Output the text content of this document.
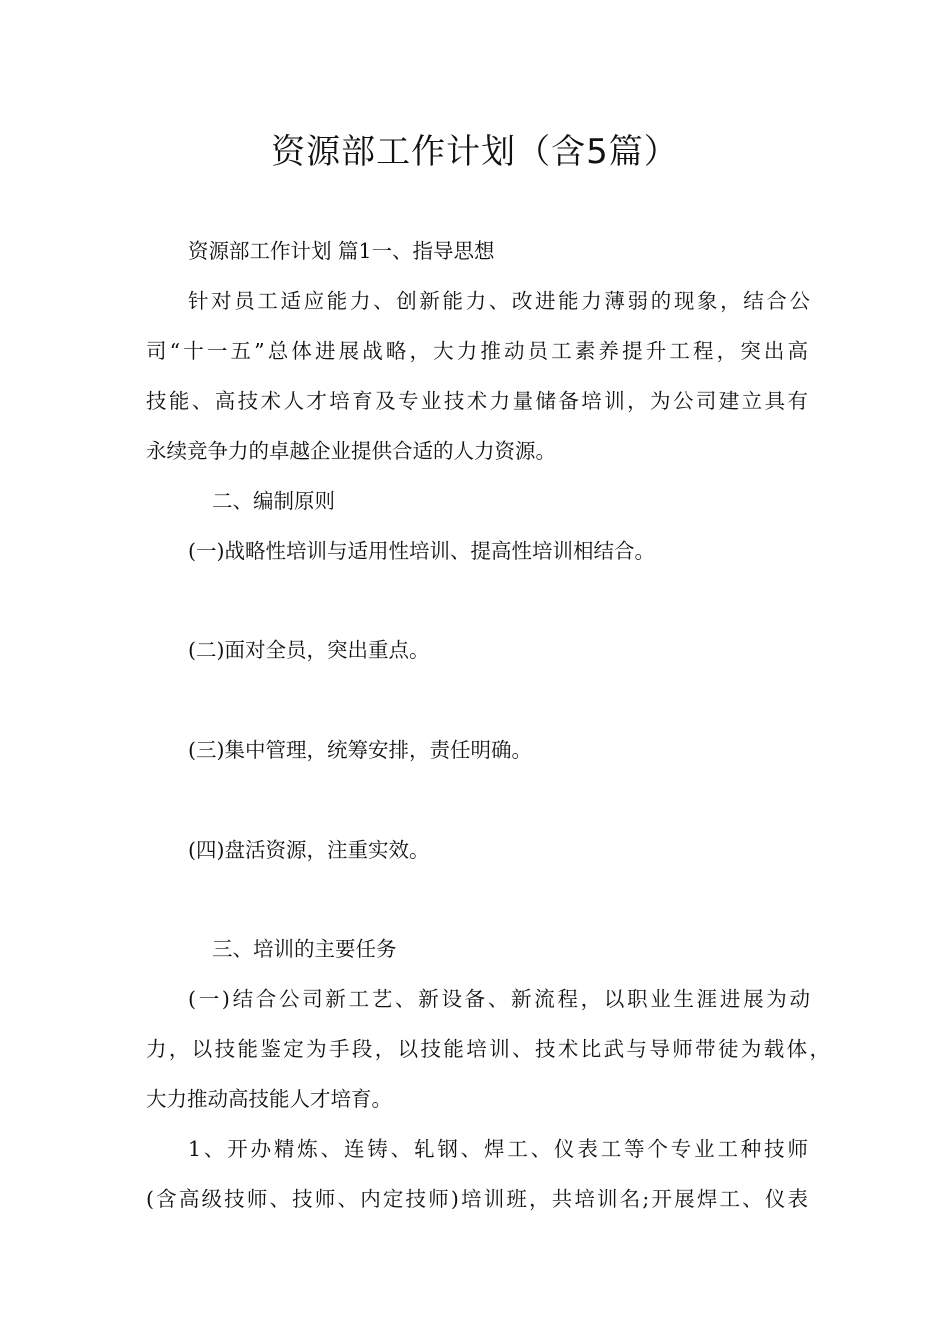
资源部工作计划（含5篇）
资源部工作计划 篇1一、指导思想
针对员工适应能力、创新能力、改进能力薄弱的现象，结合公
司“十一五”总体进展战略，大力推动员工素养提升工程，突出高
技能、高技术人才培育及专业技术力量储备培训，为公司建立具有
永续竞争力的卓越企业提供合适的人力资源。
二、编制原则
(一)战略性培训与适用性培训、提高性培训相结合。
(二)面对全员，突出重点。
(三)集中管理，统筹安排，责任明确。
(四)盘活资源，注重实效。
三、培训的主要任务
(一)结合公司新工艺、新设备、新流程，以职业生涯进展为动
力，以技能鉴定为手段，以技能培训、技术比武与导师带徒为载体，
大力推动高技能人才培育。
1、开办精炼、连铸、轧钢、焊工、仪表工等个专业工种技师
(含高级技师、技师、内定技师)培训班，共培训名;开展焊工、仪表
